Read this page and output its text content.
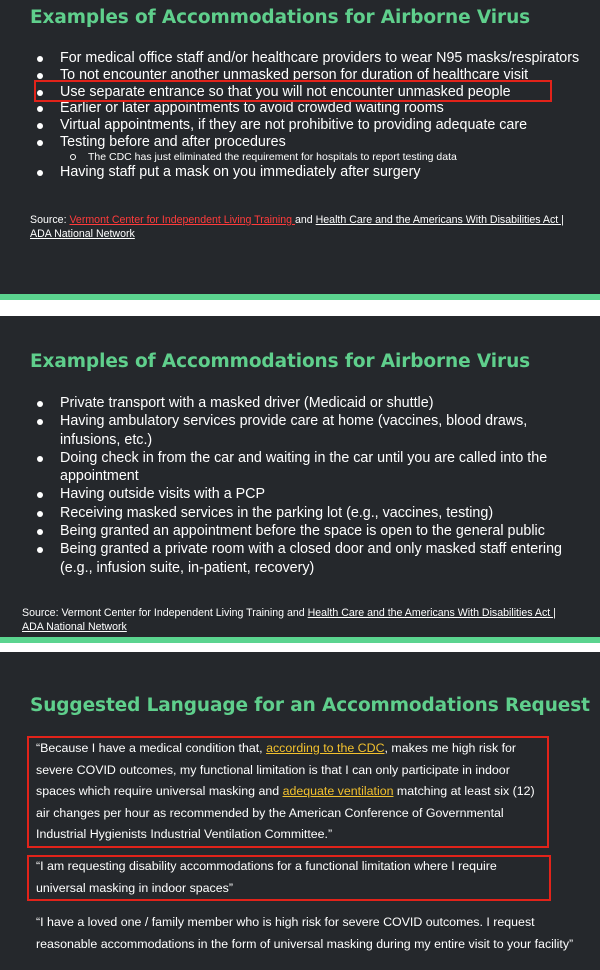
Examples of Accommodations for Airborne Virus
For medical office staff and/or healthcare providers to wear N95 masks/respirators
To not encounter another unmasked person for duration of healthcare visit
Use separate entrance so that you will not encounter unmasked people
Earlier or later appointments to avoid crowded waiting rooms
Virtual appointments, if they are not prohibitive to providing adequate care
Testing before and after procedures
The CDC has just eliminated the requirement for hospitals to report testing data
Having staff put a mask on you immediately after surgery
Source: Vermont Center for Independent Living Training and Health Care and the Americans With Disabilities Act | ADA National Network
Examples of Accommodations for Airborne Virus
Private transport with a masked driver (Medicaid or shuttle)
Having ambulatory services provide care at home (vaccines, blood draws, infusions, etc.)
Doing check in from the car and waiting in the car until you are called into the appointment
Having outside visits with a PCP
Receiving masked services in the parking lot (e.g., vaccines, testing)
Being granted an appointment before the space is open to the general public
Being granted a private room with a closed door and only masked staff entering (e.g., infusion suite, in-patient, recovery)
Source: Vermont Center for Independent Living Training and Health Care and the Americans With Disabilities Act | ADA National Network
Suggested Language for an Accommodations Request
“Because I have a medical condition that, according to the CDC, makes me high risk for severe COVID outcomes, my functional limitation is that I can only participate in indoor spaces which require universal masking and adequate ventilation matching at least six (12) air changes per hour as recommended by the American Conference of Governmental Industrial Hygienists Industrial Ventilation Committee.”
“I am requesting disability accommodations for a functional limitation where I require universal masking in indoor spaces”
“I have a loved one / family member who is high risk for severe COVID outcomes. I request reasonable accommodations in the form of universal masking during my entire visit to your facility”
